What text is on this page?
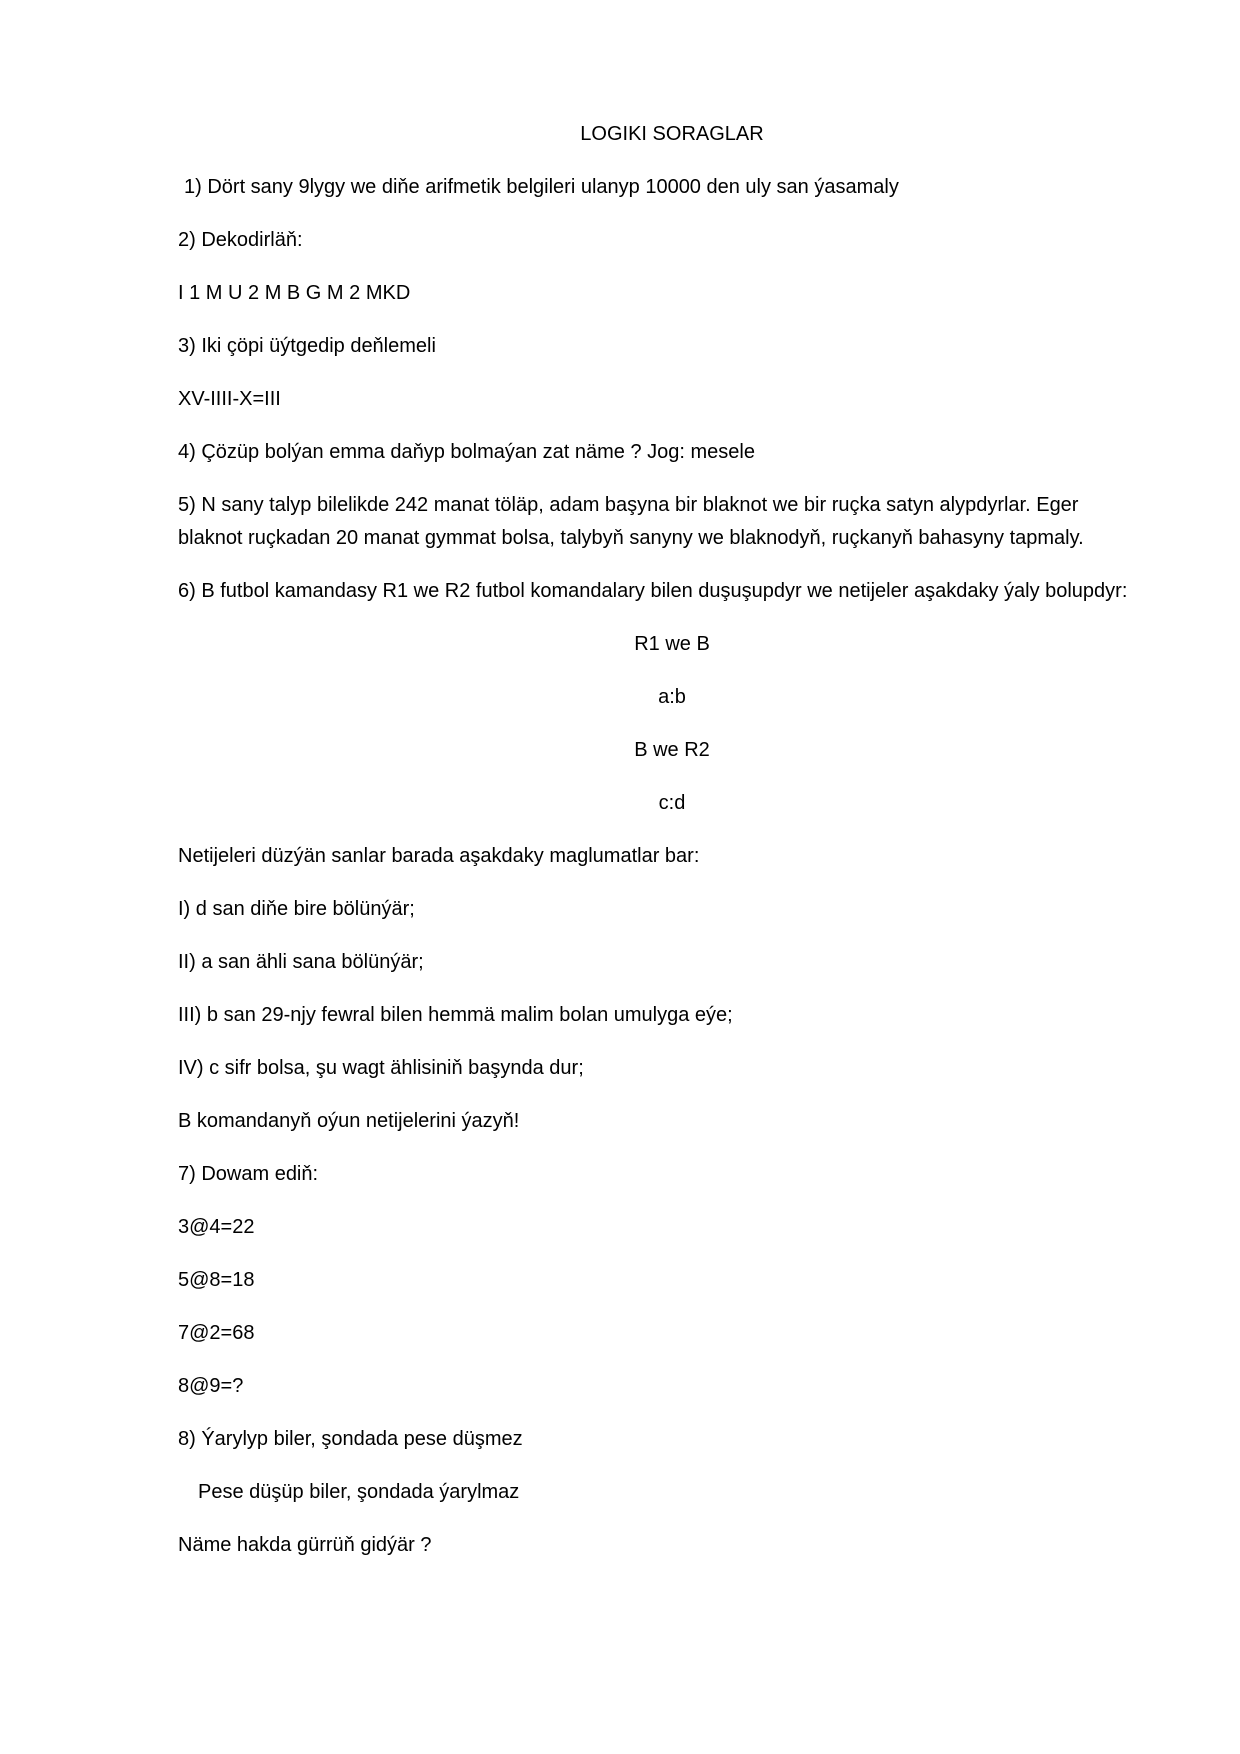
LOGIKI SORAGLAR
1) Dört sany 9lygy we diňe arifmetik belgileri ulanyp 10000 den uly san ýasamaly
2) Dekodirläň:
I 1 M U 2 M B G M 2 MKD
3) Iki çöpi üýtgedip deňlemeli
XV-IIII-X=III
4) Çözüp bolýan emma daňyp bolmaýan zat näme ? Jog: mesele
5) N sany talyp bilelikde 242 manat töläp, adam başyna bir blaknot we bir ruçka satyn alypdyrlar. Eger blaknot ruçkadan 20 manat gymmat bolsa, talybyň sanyny we blaknodyň, ruçkanyň bahasyny tapmaly.
6) B futbol kamandasy R1 we R2 futbol komandalary bilen duşuşupdyr we netijeler aşakdaky ýaly bolupdyr:
R1 we B
a:b
B we R2
c:d
Netijeleri düzýän sanlar barada aşakdaky maglumatlar bar:
I) d san diňe bire bölünýär;
II) a san ähli sana bölünýär;
III) b san 29-njy fewral bilen hemmä malim bolan umulyga eýe;
IV) c sifr bolsa, şu wagt ählisiniň başynda dur;
B komandanyň oýun netijelerini ýazyň!
7) Dowam ediň:
3@4=22
5@8=18
7@2=68
8@9=?
8) Ýarylyp biler, şondada pese düşmez
Pese düşüp biler, şondada ýarylmaz
Näme hakda gürrüň gidýär ?
